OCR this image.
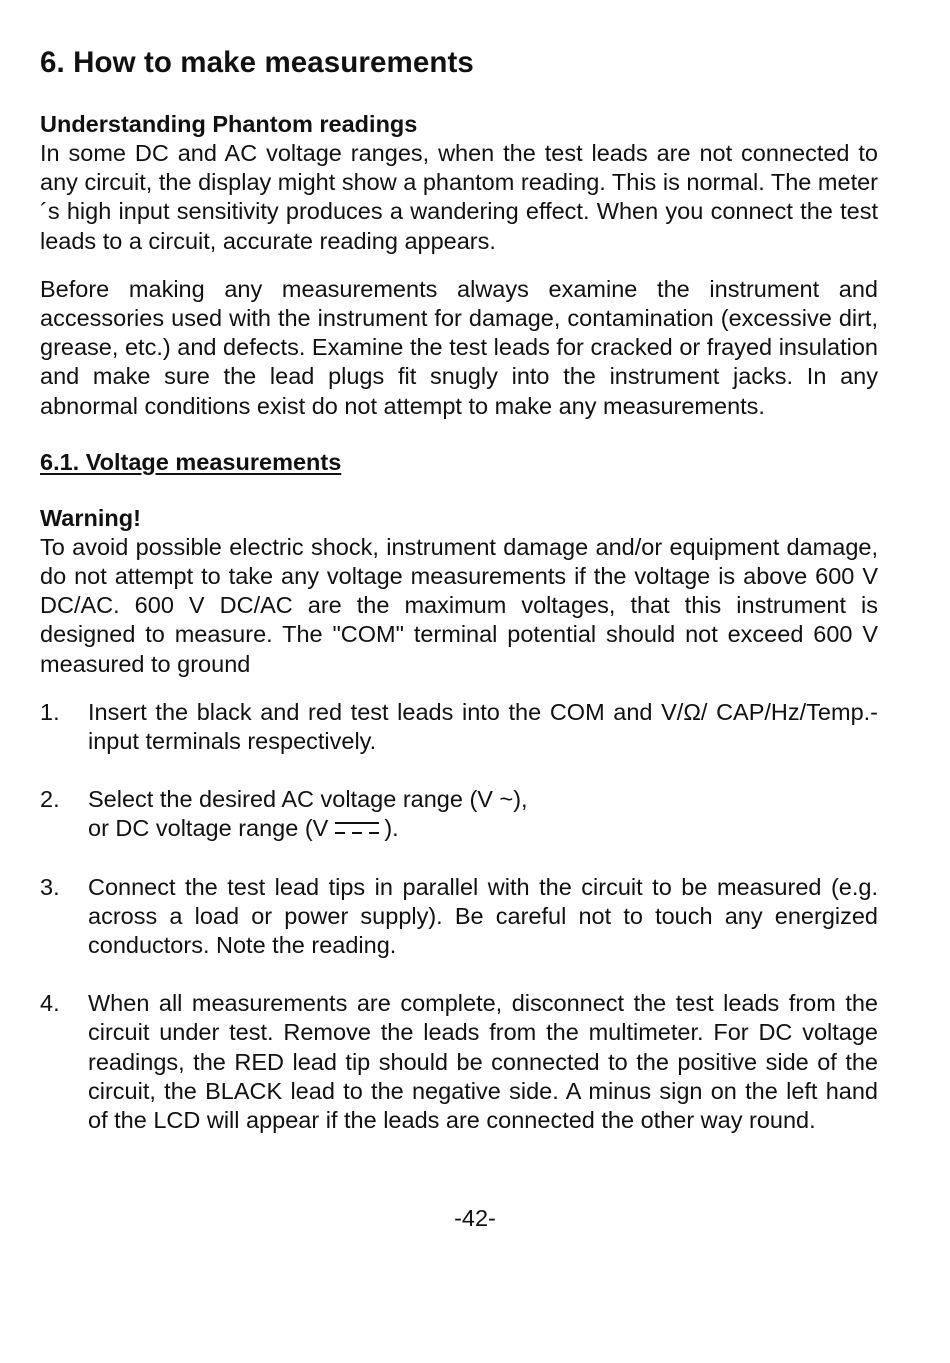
6. How to make measurements

Understanding Phantom readings

In some DC and AC voltage ranges, when the test leads are not connected to any circuit, the display might show a phantom reading. This is normal. The meter´s high input sensitivity produces a wandering effect. When you connect the test leads to a circuit, accurate reading appears.

Before making any measurements always examine the instrument and accessories used with the instrument for damage, contamination (excessive dirt, grease, etc.) and defects. Examine the test leads for cracked or frayed insulation and make sure the lead plugs fit snugly into the instrument jacks. In any abnormal conditions exist do not attempt to make any measurements.

6.1. Voltage measurements

Warning!

To avoid possible electric shock, instrument damage and/or equipment damage, do not attempt to take any voltage measurements if the voltage is above 600 V DC/AC. 600 V DC/AC are the maximum voltages, that this instrument is designed to measure. The "COM" terminal potential should not exceed 600 V measured to ground

1. Insert the black and red test leads into the COM and V/Ω/ CAP/Hz/Temp.- input terminals respectively.
2. Select the desired AC voltage range (V ~),
or DC voltage range (V ).
3. Connect the test lead tips in parallel with the circuit to be measured (e.g. across a load or power supply). Be careful not to touch any energized conductors. Note the reading.
4. When all measurements are complete, disconnect the test leads from the circuit under test. Remove the leads from the multimeter. For DC voltage readings, the RED lead tip should be connected to the positive side of the circuit, the BLACK lead to the negative side. A minus sign on the left hand of the LCD will appear if the leads are connected the other way round.
-42-
